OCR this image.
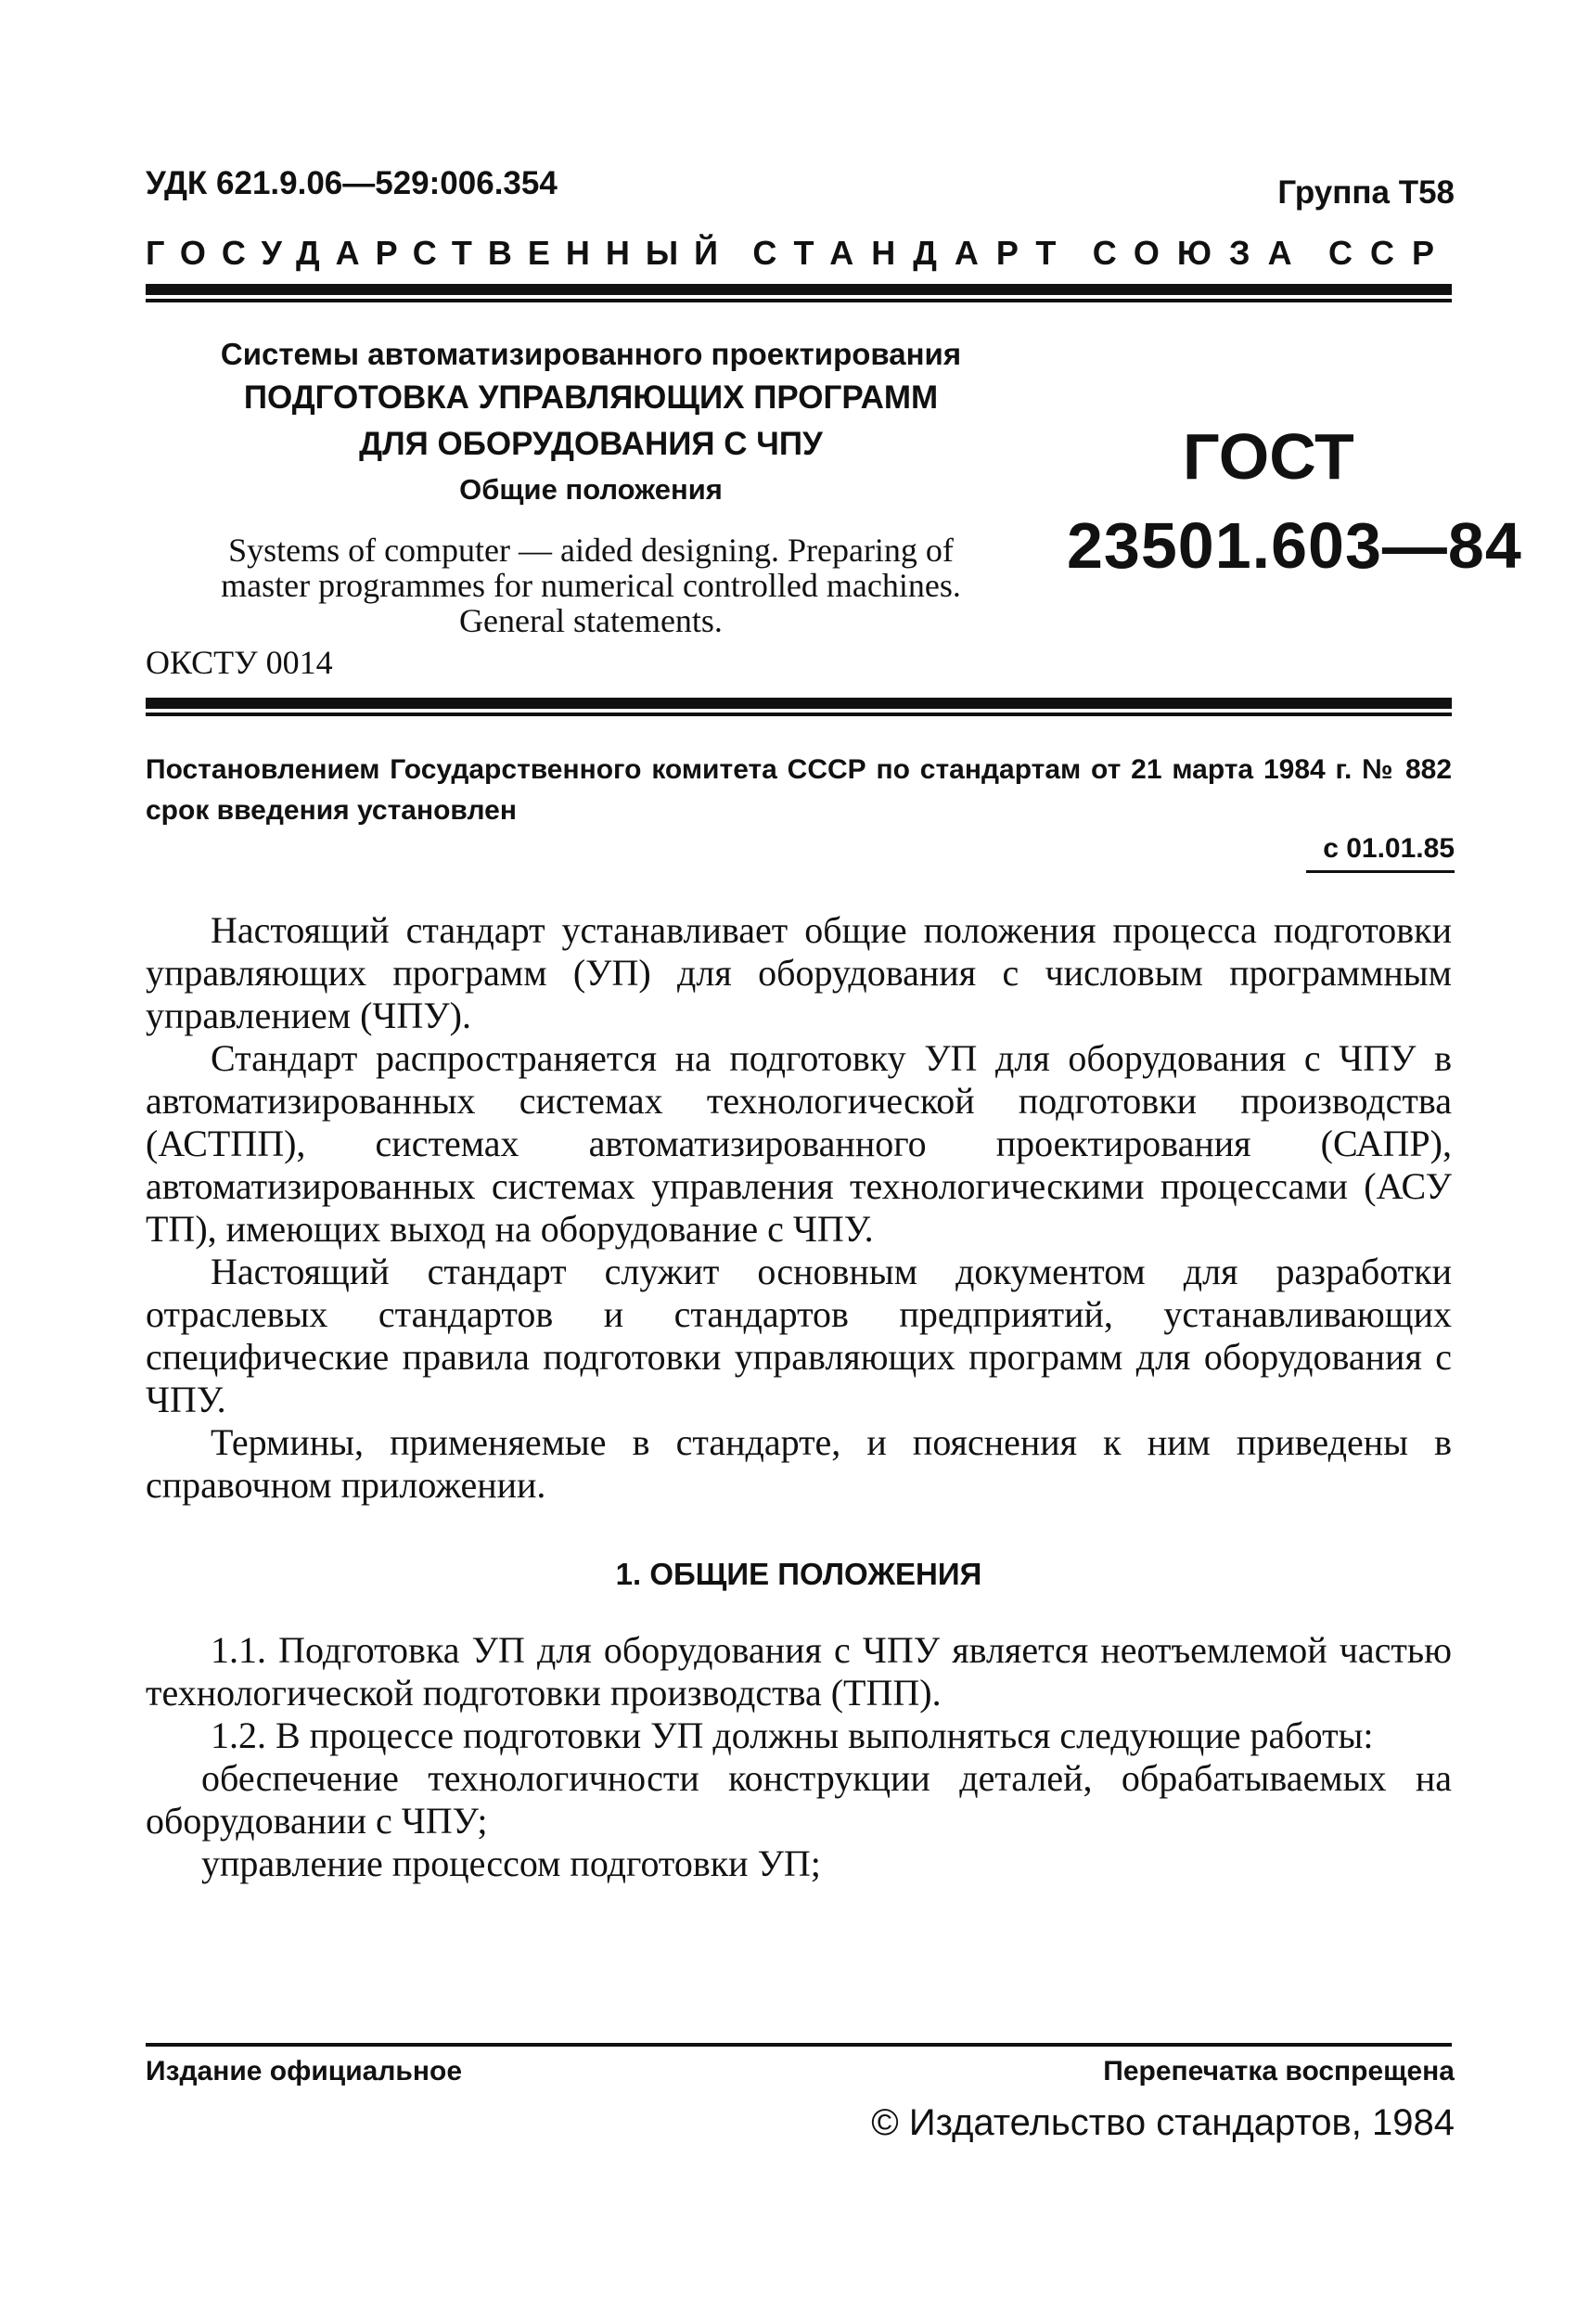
УДК 621.9.06—529:006.354	Группа Т58
ГОСУДАРСТВЕННЫЙ СТАНДАРТ СОЮЗА ССР
Системы автоматизированного проектирования
ПОДГОТОВКА УПРАВЛЯЮЩИХ ПРОГРАММ
ДЛЯ ОБОРУДОВАНИЯ С ЧПУ
Общие положения
Systems of computer — aided designing. Preparing of
master programmes for numerical controlled machines.
General statements.
ГОСТ
23501.603—84
ОКСТУ 0014
Постановлением Государственного комитета СССР по стандартам от 21 марта 1984 г. № 882 срок введения установлен
с 01.01.85

Настоящий стандарт устанавливает общие положения процесса подготовки управляющих программ (УП) для оборудования с числовым программным управлением (ЧПУ).

Стандарт распространяется на подготовку УП для оборудования с ЧПУ в автоматизированных системах технологической подготовки производства (АСТПП), системах автоматизированного проектирования (САПР), автоматизированных системах управления технологическими процессами (АСУ ТП), имеющих выход на оборудование с ЧПУ.

Настоящий стандарт служит основным документом для разработки отраслевых стандартов и стандартов предприятий, устанавливающих специфические правила подготовки управляющих программ для оборудования с ЧПУ.

Термины, применяемые в стандарте, и пояснения к ним приведены в справочном приложении.

1. ОБЩИЕ ПОЛОЖЕНИЯ

1.1. Подготовка УП для оборудования с ЧПУ является неотъемлемой частью технологической подготовки производства (ТПП).

1.2. В процессе подготовки УП должны выполняться следующие работы:

обеспечение технологичности конструкции деталей, обрабатываемых на оборудовании с ЧПУ;

управление процессом подготовки УП;

Издание официальное	Перепечатка воспрещена
© Издательство стандартов, 1984
